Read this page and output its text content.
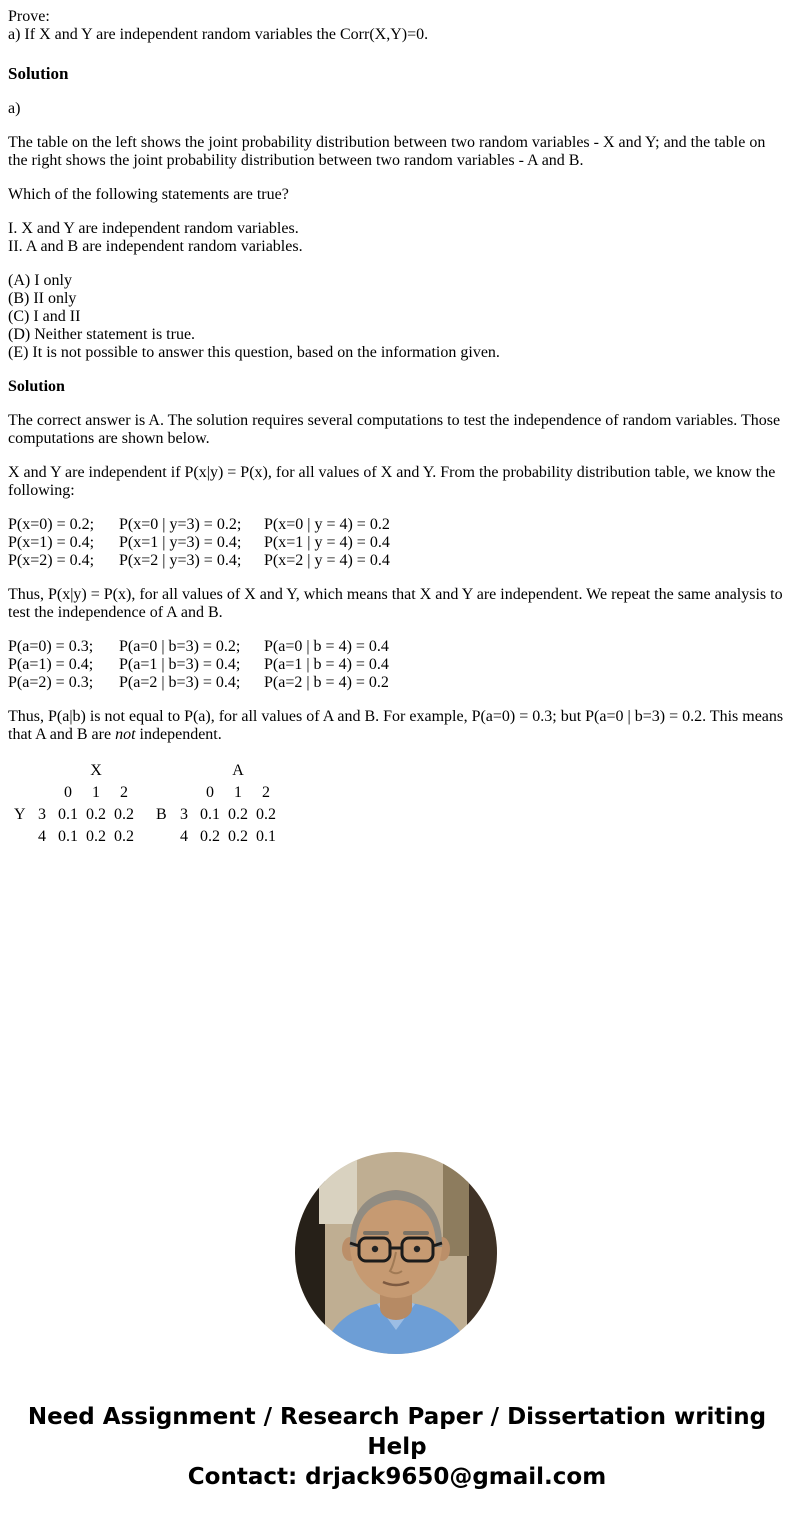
Prove:
a) If X and Y are independent random variables the Corr(X,Y)=0.

Solution

a)

The table on the left shows the joint probability distribution between two random variables - X and Y; and the table on the right shows the joint probability distribution between two random variables - A and B.

Which of the following statements are true?

I. X and Y are independent random variables.
II. A and B are independent random variables.

(A) I only
(B) II only
(C) I and II
(D) Neither statement is true.
(E) It is not possible to answer this question, based on the information given.

Solution

The correct answer is A. The solution requires several computations to test the independence of random variables. Those computations are shown below.

X and Y are independent if P(x|y) = P(x), for all values of X and Y. From the probability distribution table, we know the following:

P(x=0) = 0.2; P(x=0 | y=3) = 0.2; P(x=0 | y = 4) = 0.2
P(x=1) = 0.4; P(x=1 | y=3) = 0.4; P(x=1 | y = 4) = 0.4
P(x=2) = 0.4; P(x=2 | y=3) = 0.4; P(x=2 | y = 4) = 0.4

Thus, P(x|y) = P(x), for all values of X and Y, which means that X and Y are independent. We repeat the same analysis to test the independence of A and B.

P(a=0) = 0.3; P(a=0 | b=3) = 0.2; P(a=0 | b = 4) = 0.4
P(a=1) = 0.4; P(a=1 | b=3) = 0.4; P(a=1 | b = 4) = 0.4
P(a=2) = 0.3; P(a=2 | b=3) = 0.4; P(a=2 | b = 4) = 0.2

Thus, P(a|b) is not equal to P(a), for all values of A and B. For example, P(a=0) = 0.3; but P(a=0 | b=3) = 0.2. This means that A and B are not independent.

		X		
		0	1	2
Y	3	0.1	0.2	0.2
	4	0.1	0.2	0.2
		A		
		0	1	2
B	3	0.1	0.2	0.2
	4	0.2	0.2	0.1
Need Assignment / Research Paper / Dissertation writing Help
Contact: drjack9650@gmail.com
